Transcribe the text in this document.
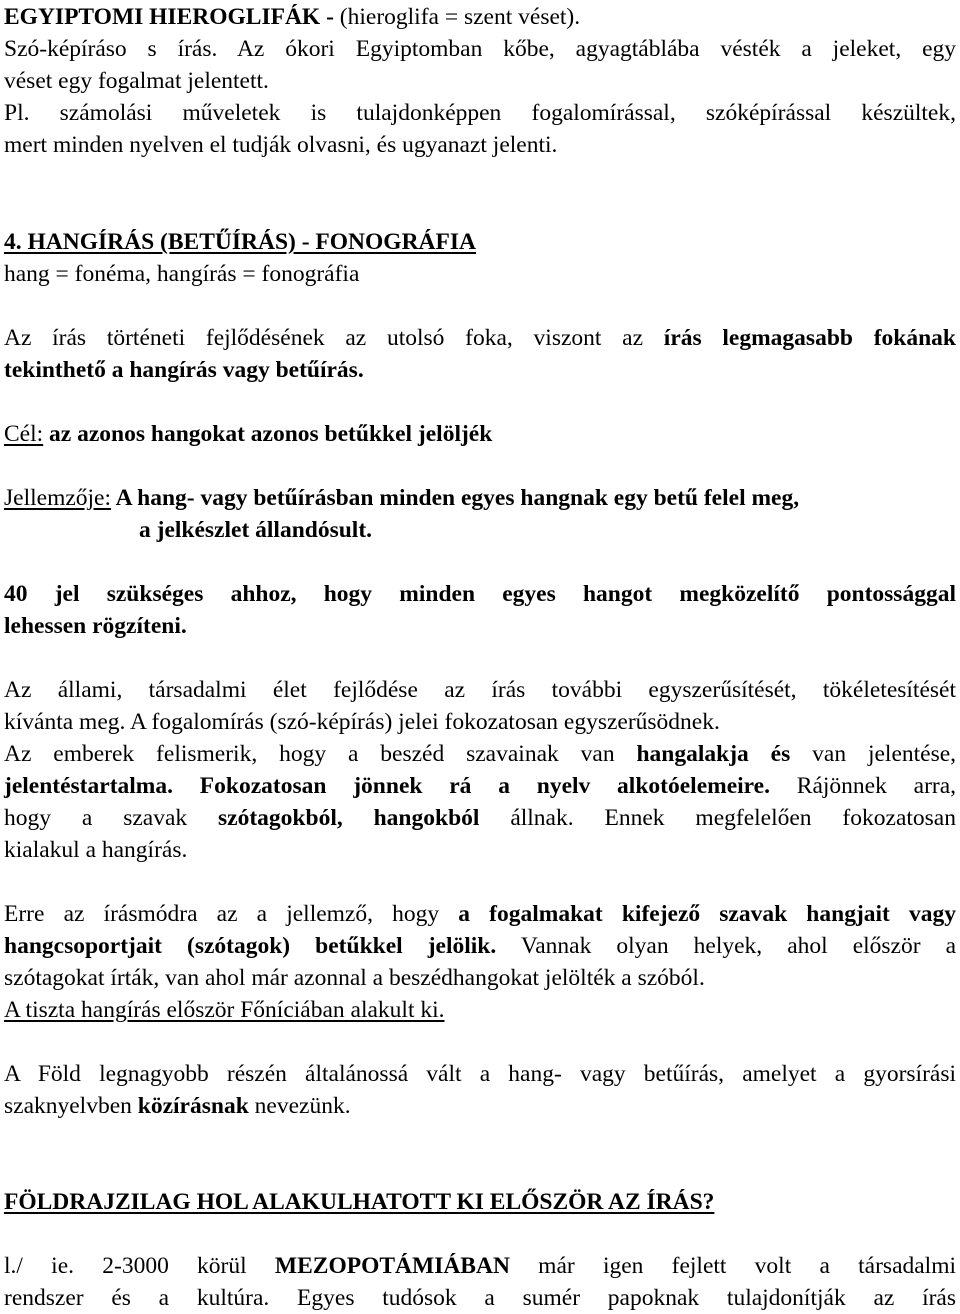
EGYIPTOMI HIEROGLIFÁK - (hieroglifa = szent véset).
Szó-képíráso s írás. Az ókori Egyiptomban kőbe, agyagtáblába vésték a jeleket, egy
véset egy fogalmat jelentett.
Pl. számolási műveletek is tulajdonképpen fogalomírással, szóképírással készültek,
mert minden nyelven el tudják olvasni, és ugyanazt jelenti.
4. HANGÍRÁS (BETŰÍRÁS) - FONOGRÁFIA
hang = fonéma, hangírás = fonográfia
Az írás történeti fejlődésének az utolsó foka, viszont az írás legmagasabb fokának
tekinthető a hangírás vagy betűírás.
Cél: az azonos hangokat azonos betűkkel jelöljék
Jellemzője: A hang- vagy betűírásban minden egyes hangnak egy betű felel meg,
a jelkészlet állandósult.
40 jel szükséges ahhoz, hogy minden egyes hangot megközelítő pontossággal
lehessen rögzíteni.
Az állami, társadalmi élet fejlődése az írás további egyszerűsítését, tökéletesítését
kívánta meg. A fogalomírás (szó-képírás) jelei fokozatosan egyszerűsödnek.
Az emberek felismerik, hogy a beszéd szavainak van hangalakja és van jelentése,
jelentéstartalma. Fokozatosan jönnek rá a nyelv alkotóelemeire. Rájönnek arra,
hogy a szavak szótagokból, hangokból állnak. Ennek megfelelően fokozatosan
kialakul a hangírás.
Erre az írásmódra az a jellemző, hogy a fogalmakat kifejező szavak hangjait vagy
hangcsoportjait (szótagok) betűkkel jelölik. Vannak olyan helyek, ahol először a
szótagokat írták, van ahol már azonnal a beszédhangokat jelölték a szóból.
A tiszta hangírás először Főníciában alakult ki.
A Föld legnagyobb részén általánossá vált a hang- vagy betűírás, amelyet a gyorsírási
szaknyelvben közírásnak nevezünk.
FÖLDRAJZILAG HOL ALAKULHATOTT KI ELŐSZÖR AZ ÍRÁS?
l./ ie. 2-3000 körül MEZOPOTÁMIÁBAN már igen fejlett volt a társadalmi
rendszer és a kultúra. Egyes tudósok a sumér papoknak tulajdonítják az írás
